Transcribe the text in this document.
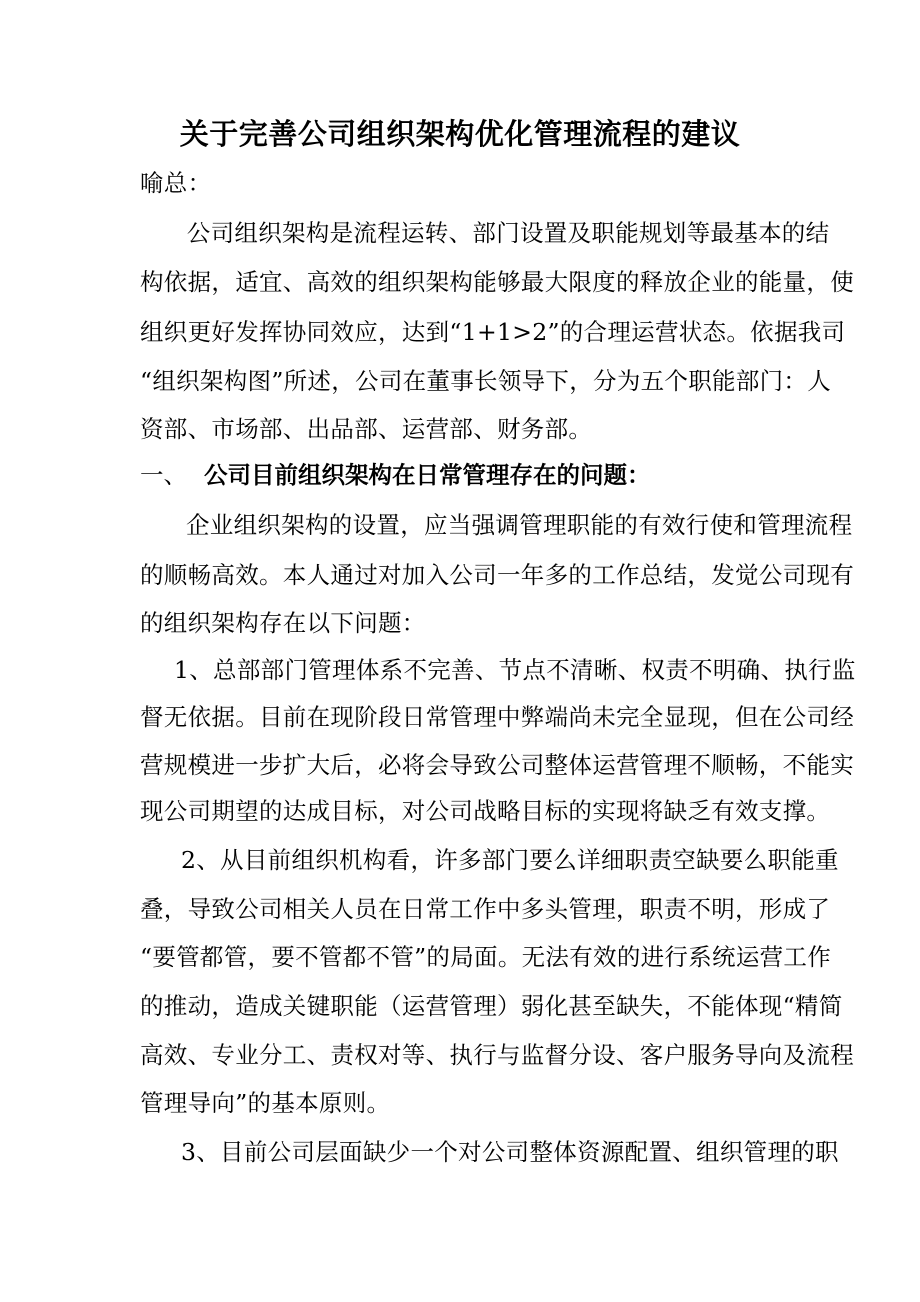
关于完善公司组织架构优化管理流程的建议
喻总：
　公司组织架构是流程运转、部门设置及职能规划等最基本的结
构依据，适宜、高效的组织架构能够最大限度的释放企业的能量，使
组织更好发挥协同效应，达到“1+1>2”的合理运营状态。依据我司
“组织架构图”所述，公司在董事长领导下，分为五个职能部门：人
资部、市场部、出品部、运营部、财务部。
一、 公司目前组织架构在日常管理存在的问题：
企业组织架构的设置，应当强调管理职能的有效行使和管理流程
的顺畅高效。本人通过对加入公司一年多的工作总结，发觉公司现有
的组织架构存在以下问题：
1、总部部门管理体系不完善、节点不清晰、权责不明确、执行监
督无依据。目前在现阶段日常管理中弊端尚未完全显现，但在公司经
营规模进一步扩大后，必将会导致公司整体运营管理不顺畅，不能实
现公司期望的达成目标，对公司战略目标的实现将缺乏有效支撑。
2、从目前组织机构看，许多部门要么详细职责空缺要么职能重
叠，导致公司相关人员在日常工作中多头管理，职责不明，形成了
“要管都管，要不管都不管”的局面。无法有效的进行系统运营工作
的推动，造成关键职能（运营管理）弱化甚至缺失，不能体现“精简
高效、专业分工、责权对等、执行与监督分设、客户服务导向及流程
管理导向”的基本原则。
3、目前公司层面缺少一个对公司整体资源配置、组织管理的职
